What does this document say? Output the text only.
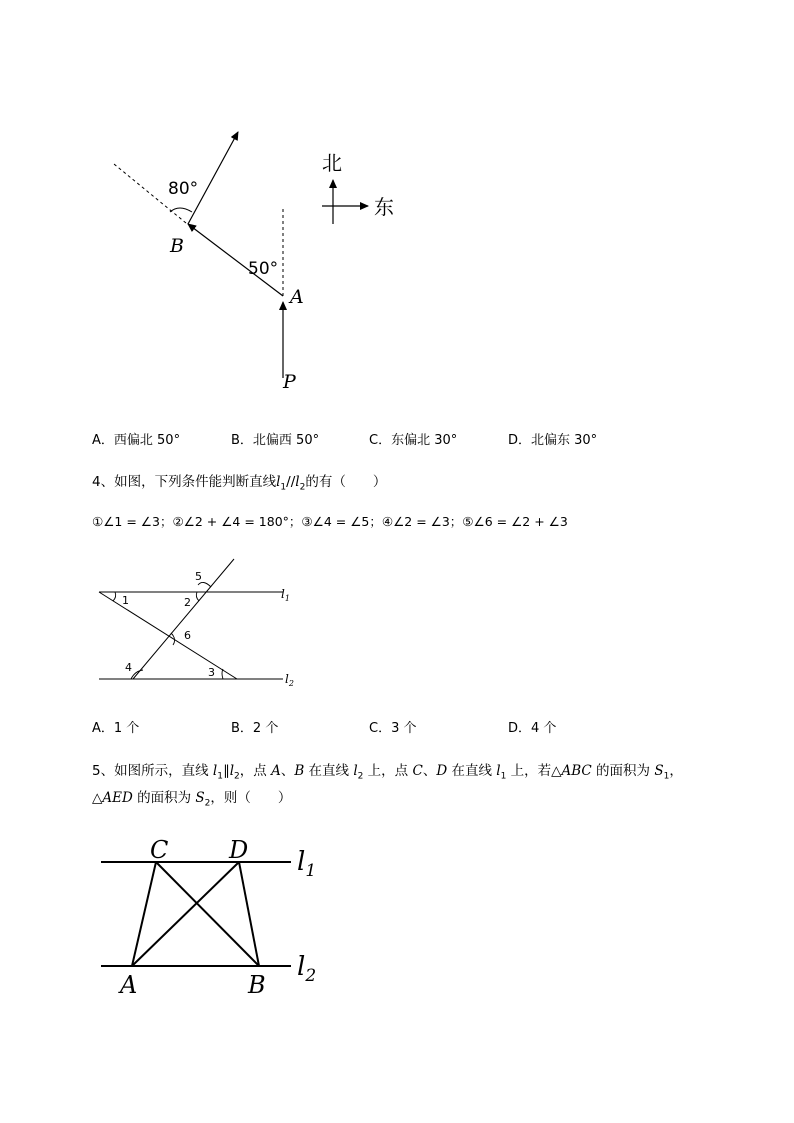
80°
50°
B
A
P
北
东
A．西偏北 50°	B．北偏西 50°	C．东偏北 30°	D．北偏东 30°
4、如图，下列条件能判断直线$l_1//l_2$的有（　　）
①∠1 = ∠3；②∠2 + ∠4 = 180°；③∠4 = ∠5；④∠2 = ∠3；⑤∠6 = ∠2 + ∠3
1	2
5
6
4	3
$l_1$
$l_2$
A．1 个	B．2 个	C．3 个	D．4 个
5、如图所示，直线 $l_1\parallel l_2$，点 A、B 在直线 $l_2$ 上，点 C、D 在直线 $l_1$ 上，若△ABC 的面积为 $S_1$，
△AED 的面积为 $S_2$，则（　　）
C	D
A	B
$l_1$
$l_2$
